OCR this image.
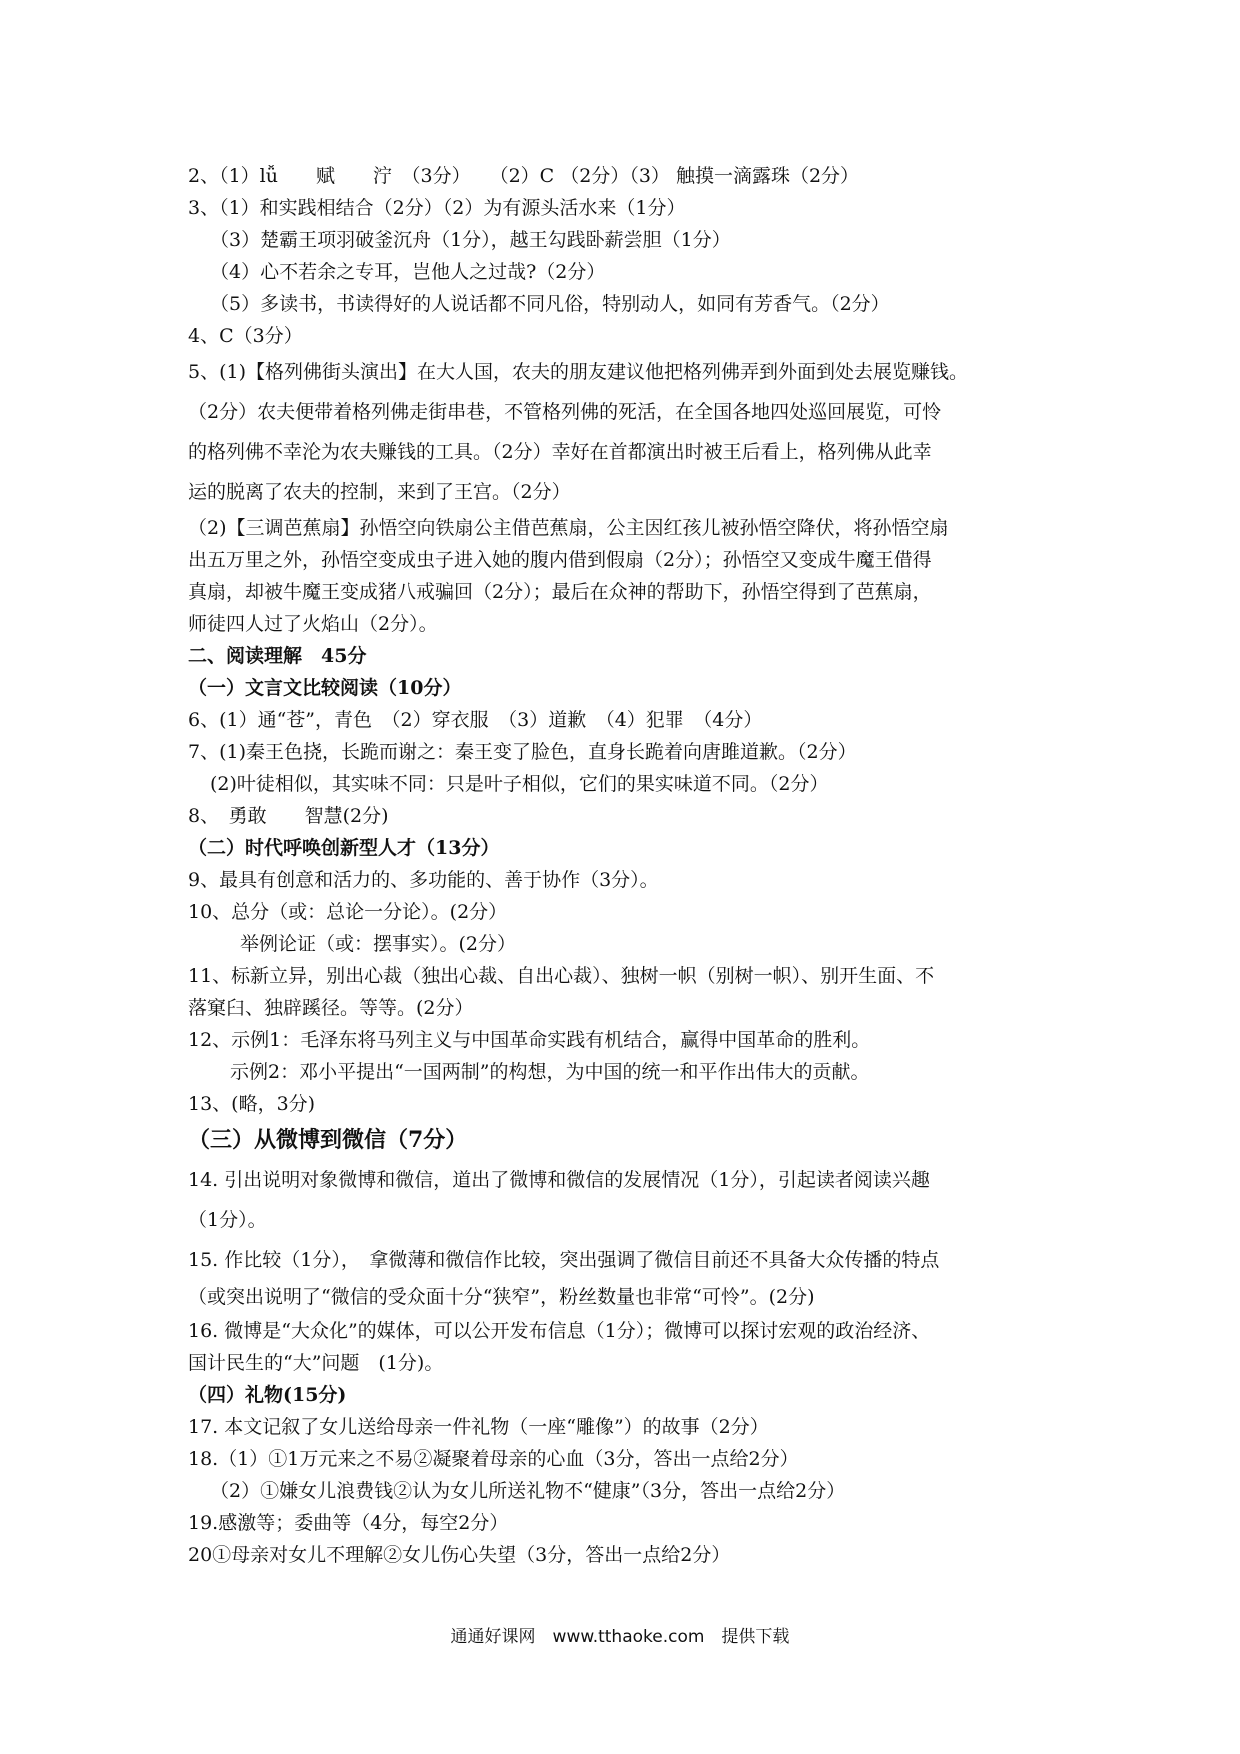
2、（1）lǚ　　赋　　泞　（3分）　　（2）C （2分）（3） 触摸一滴露珠（2分）
3、（1）和实践相结合（2分）（2）为有源头活水来（1分）
（3）楚霸王项羽破釜沉舟（1分），越王勾践卧薪尝胆（1分）
（4）心不若余之专耳，岂他人之过哉?（2分）
（5）多读书，书读得好的人说话都不同凡俗，特别动人，如同有芳香气。（2分）
4、C（3分）
5、(1)【格列佛街头演出】在大人国，农夫的朋友建议他把格列佛弄到外面到处去展览赚钱。
（2分）农夫便带着格列佛走街串巷，不管格列佛的死活，在全国各地四处巡回展览，可怜
的格列佛不幸沦为农夫赚钱的工具。（2分）幸好在首都演出时被王后看上，格列佛从此幸
运的脱离了农夫的控制，来到了王宫。（2分）
（2)【三调芭蕉扇】孙悟空向铁扇公主借芭蕉扇，公主因红孩儿被孙悟空降伏，将孙悟空扇
出五万里之外，孙悟空变成虫子进入她的腹内借到假扇（2分）；孙悟空又变成牛魔王借得
真扇，却被牛魔王变成猪八戒骗回（2分）；最后在众神的帮助下，孙悟空得到了芭蕉扇，
师徒四人过了火焰山（2分）。
二、阅读理解　45分
（一）文言文比较阅读（10分）
6、(1）通“苍”，青色　（2）穿衣服　（3）道歉　（4）犯罪　（4分）
7、(1)秦王色挠，长跪而谢之：秦王变了脸色，直身长跪着向唐雎道歉。（2分）
(2)叶徒相似，其实味不同：只是叶子相似，它们的果实味道不同。（2分）
8、　勇敢　　智慧(2分)
（二）时代呼唤创新型人才（13分）
9、最具有创意和活力的、多功能的、善于协作（3分）。
10、总分（或：总论一分论）。(2分）
举例论证（或：摆事实）。(2分）
11、标新立异，别出心裁（独出心裁、自出心裁）、独树一帜（别树一帜）、别开生面、不
落窠臼、独辟蹊径。等等。(2分）
12、示例1：毛泽东将马列主义与中国革命实践有机结合，赢得中国革命的胜利。
示例2：邓小平提出“一国两制”的构想，为中国的统一和平作出伟大的贡献。
13、(略，3分)
（三）从微博到微信（7分）
14. 引出说明对象微博和微信，道出了微博和微信的发展情况（1分），引起读者阅读兴趣
（1分）。
15. 作比较（1分），　拿微薄和微信作比较，突出强调了微信目前还不具备大众传播的特点
（或突出说明了“微信的受众面十分“狭窄”，粉丝数量也非常“可怜”。(2分)
16. 微博是“大众化”的媒体，可以公开发布信息（1分）；微博可以探讨宏观的政治经济、
国计民生的“大”问题　(1分)。
（四）礼物(15分)
17. 本文记叙了女儿送给母亲一件礼物（一座“雕像”）的故事（2分）
18.（1）①1万元来之不易②凝聚着母亲的心血（3分，答出一点给2分）
（2）①嫌女儿浪费钱②认为女儿所送礼物不“健康”（3分，答出一点给2分）
19.感激等；委曲等（4分，每空2分）
20①母亲对女儿不理解②女儿伤心失望（3分，答出一点给2分）
通通好课网　www.tthaoke.com　提供下载
